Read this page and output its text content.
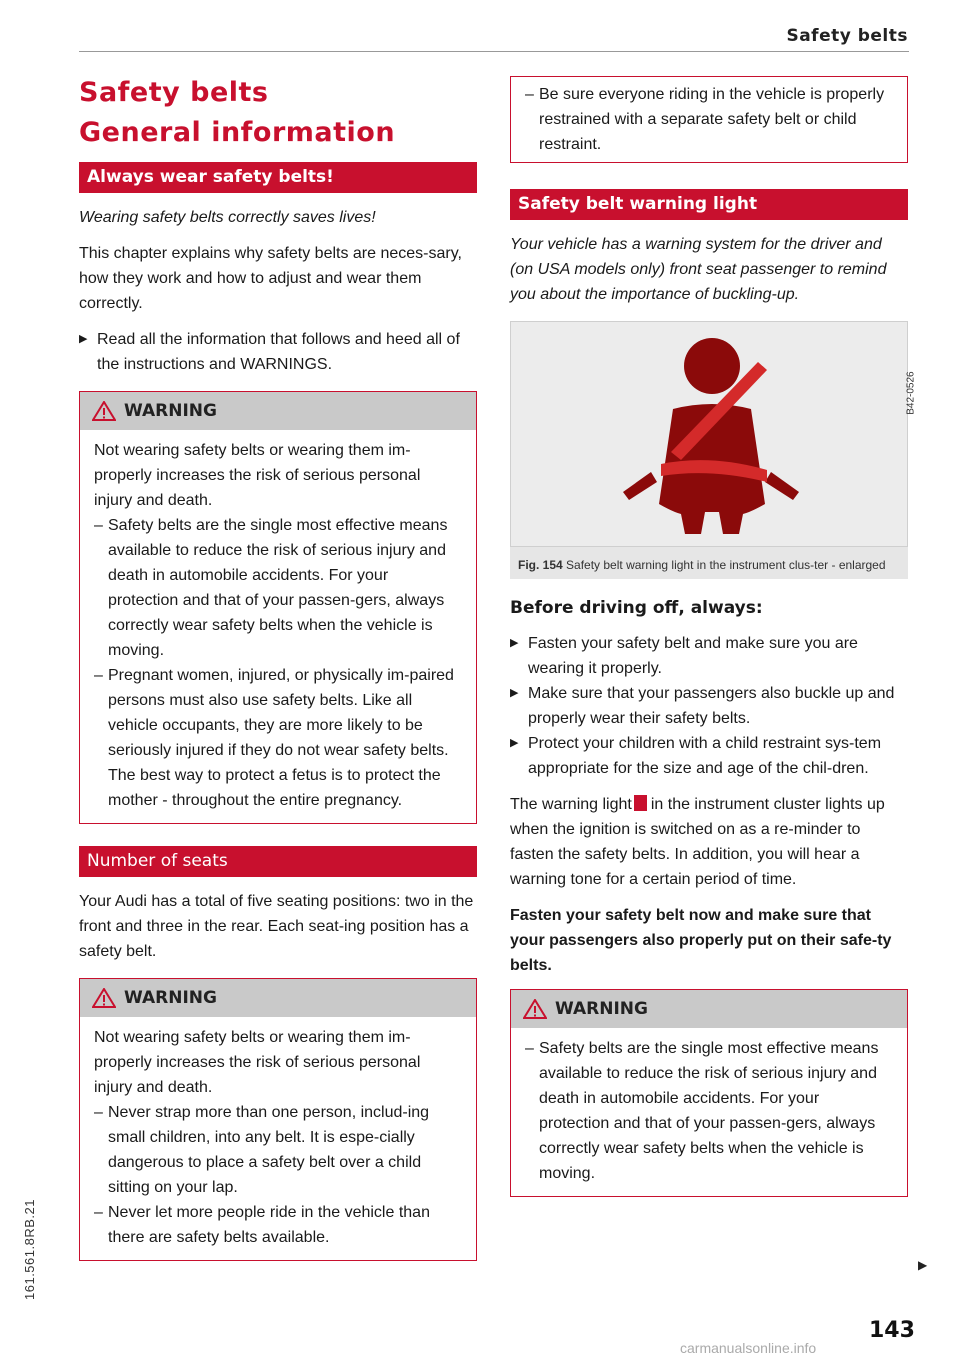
Safety belts
161.561.8RB.21
Safety belts
General information
Always wear safety belts!

Wearing safety belts correctly saves lives!

This chapter explains why safety belts are neces-sary, how they work and how to adjust and wear them correctly.

▶ Read all the information that follows and heed all of the instructions and WARNINGS.

WARNING

Not wearing safety belts or wearing them im-properly increases the risk of serious personal injury and death.

– Safety belts are the single most effective means available to reduce the risk of serious injury and death in automobile accidents. For your protection and that of your passen-gers, always correctly wear safety belts when the vehicle is moving.

– Pregnant women, injured, or physically im-paired persons must also use safety belts. Like all vehicle occupants, they are more likely to be seriously injured if they do not wear safety belts. The best way to protect a fetus is to protect the mother - throughout the entire pregnancy.

Number of seats

Your Audi has a total of five seating positions: two in the front and three in the rear. Each seat-ing position has a safety belt.

WARNING

Not wearing safety belts or wearing them im-properly increases the risk of serious personal injury and death.

– Never strap more than one person, includ-ing small children, into any belt. It is espe-cially dangerous to place a safety belt over a child sitting on your lap.

– Never let more people ride in the vehicle than there are safety belts available.

– Be sure everyone riding in the vehicle is properly restrained with a separate safety belt or child restraint.

Safety belt warning light

Your vehicle has a warning system for the driver and (on USA models only) front seat passenger to remind you about the importance of buckling-up.

B42-0526
Fig. 154 Safety belt warning light in the instrument clus-ter - enlarged
Before driving off, always:

▶ Fasten your safety belt and make sure you are wearing it properly.

▶ Make sure that your passengers also buckle up and properly wear their safety belts.

▶ Protect your children with a child restraint sys-tem appropriate for the size and age of the chil-dren.

The warning light in the instrument cluster lights up when the ignition is switched on as a re-minder to fasten the safety belts. In addition, you will hear a warning tone for a certain period of time.

Fasten your safety belt now and make sure that your passengers also properly put on their safe-ty belts.

WARNING

– Safety belts are the single most effective means available to reduce the risk of serious injury and death in automobile accidents. For your protection and that of your passen-gers, always correctly wear safety belts when the vehicle is moving.

▶
143
carmanualsonline.info
